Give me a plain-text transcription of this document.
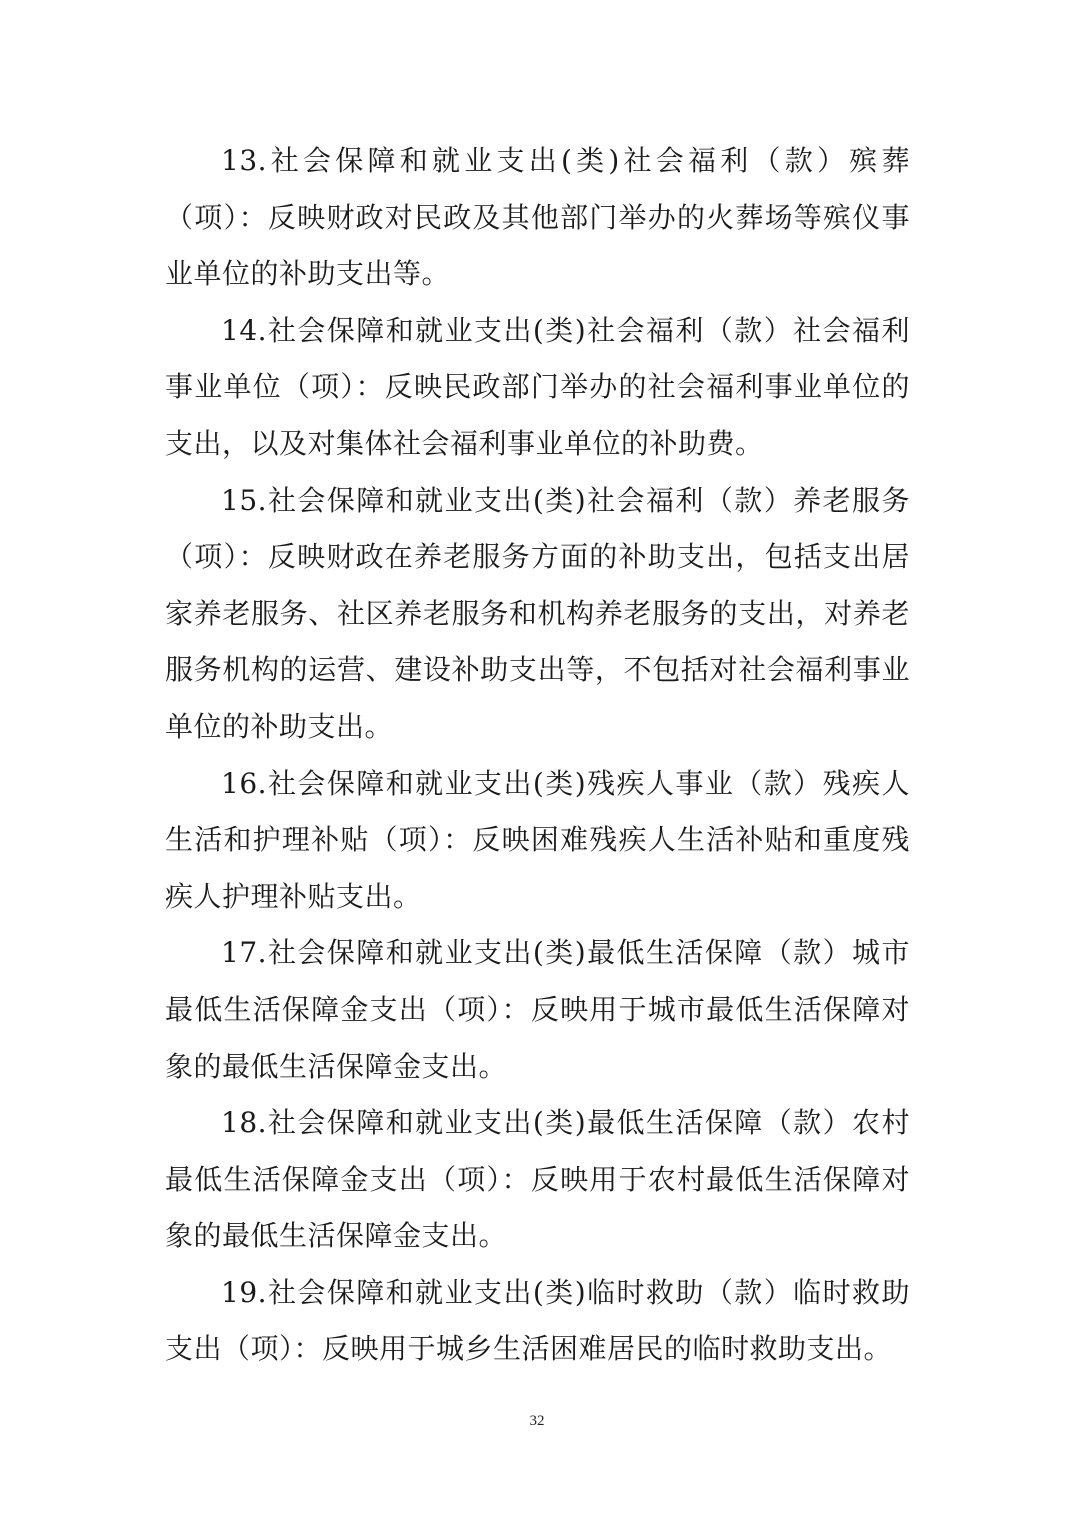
13.社会保障和就业支出(类)社会福利（款）殡葬（项）：反映财政对民政及其他部门举办的火葬场等殡仪事业单位的补助支出等。

14.社会保障和就业支出(类)社会福利（款）社会福利事业单位（项）：反映民政部门举办的社会福利事业单位的支出，以及对集体社会福利事业单位的补助费。

15.社会保障和就业支出(类)社会福利（款）养老服务（项）：反映财政在养老服务方面的补助支出，包括支出居家养老服务、社区养老服务和机构养老服务的支出，对养老服务机构的运营、建设补助支出等，不包括对社会福利事业单位的补助支出。

16.社会保障和就业支出(类)残疾人事业（款）残疾人生活和护理补贴（项）：反映困难残疾人生活补贴和重度残疾人护理补贴支出。

17.社会保障和就业支出(类)最低生活保障（款）城市最低生活保障金支出（项）：反映用于城市最低生活保障对象的最低生活保障金支出。

18.社会保障和就业支出(类)最低生活保障（款）农村最低生活保障金支出（项）：反映用于农村最低生活保障对象的最低生活保障金支出。

19.社会保障和就业支出(类)临时救助（款）临时救助支出（项）：反映用于城乡生活困难居民的临时救助支出。

32
